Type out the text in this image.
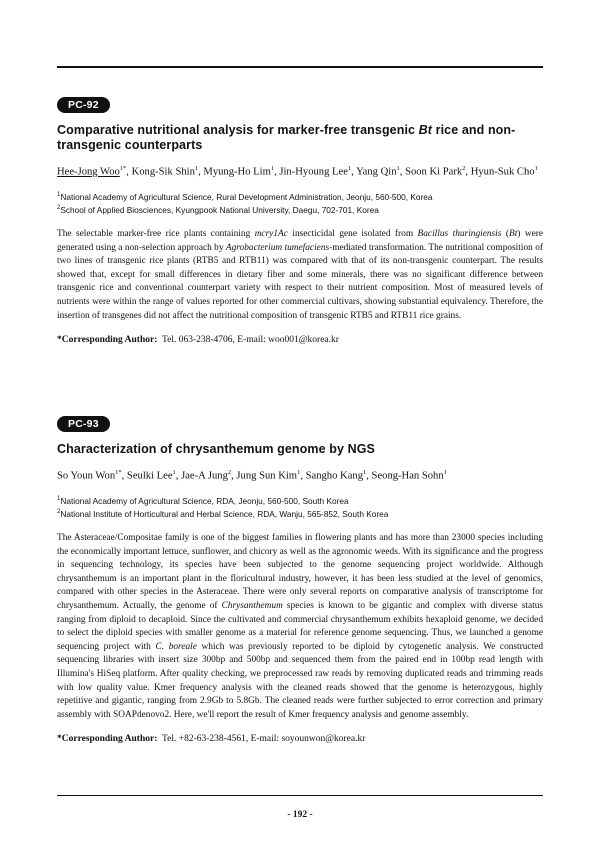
PC-92
Comparative nutritional analysis for marker-free transgenic Bt rice and non-transgenic counterparts
Hee-Jong Woo$^{1*}$, Kong-Sik Shin$^1$, Myung-Ho Lim$^1$, Jin-Hyoung Lee$^1$, Yang Qin$^1$, Soon Ki Park$^2$, Hyun-Suk Cho$^1$
$^1$National Academy of Agricultural Science, Rural Development Administration, Jeonju, 560-500, Korea
$^2$School of Applied Biosciences, Kyungpook National University, Daegu, 702-701, Korea
The selectable marker-free rice plants containing mcry1Ac insecticidal gene isolated from Bacillus thuringiensis (Bt) were generated using a non-selection approach by Agrobacterium tumefaciens-mediated transformation. The nutritional composition of two lines of transgenic rice plants (RTB5 and RTB11) was compared with that of its non-transgenic counterpart. The results showed that, except for small differences in dietary fiber and some minerals, there was no significant difference between transgenic rice and conventional counterpart variety with respect to their nutrient composition. Most of measured levels of nutrients were within the range of values reported for other commercial cultivars, showing substantial equivalency. Therefore, the insertion of transgenes did not affect the nutritional composition of transgenic RTB5 and RTB11 rice grains.
*Corresponding Author: Tel. 063-238-4706, E-mail: woo001@korea.kr
PC-93
Characterization of chrysanthemum genome by NGS
So Youn Won$^{1*}$, Seulki Lee$^1$, Jae-A Jung$^2$, Jung Sun Kim$^1$, Sangho Kang$^1$, Seong-Han Sohn$^1$
$^1$National Academy of Agricultural Science, RDA, Jeonju, 560-500, South Korea
$^2$National Institute of Horticultural and Herbal Science, RDA, Wanju, 565-852, South Korea
The Asteraceae/Compositae family is one of the biggest families in flowering plants and has more than 23000 species including the economically important lettuce, sunflower, and chicory as well as the agronomic weeds. With its significance and the progress in sequencing technology, its species have been subjected to the genome sequencing project worldwide. Although chrysanthemum is an important plant in the floricultural industry, however, it has been less studied at the level of genomics, compared with other species in the Asteraceae. There were only several reports on comparative analysis of transcriptome for chrysanthemum. Actually, the genome of Chrysanthemum species is known to be gigantic and complex with diverse status ranging from diploid to decaploid. Since the cultivated and commercial chrysanthemum exhibits hexaploid genome, we decided to select the diploid species with smaller genome as a material for reference genome sequencing. Thus, we launched a genome sequencing project with C. boreale which was previously reported to be diploid by cytogenetic analysis. We constructed sequencing libraries with insert size 300bp and 500bp and sequenced them from the paired end in 100bp read length with Illumina's HiSeq platform. After quality checking, we preprocessed raw reads by removing duplicated reads and trimming reads with low quality value. Kmer frequency analysis with the cleaned reads showed that the genome is heterozygous, highly repetitive and gigantic, ranging from 2.9Gb to 5.8Gb. The cleaned reads were further subjected to error correction and primary assembly with SOAPdenovo2. Here, we'll report the result of Kmer frequency analysis and genome assembly.
*Corresponding Author: Tel. +82-63-238-4561, E-mail: soyounwon@korea.kr
- 192 -
